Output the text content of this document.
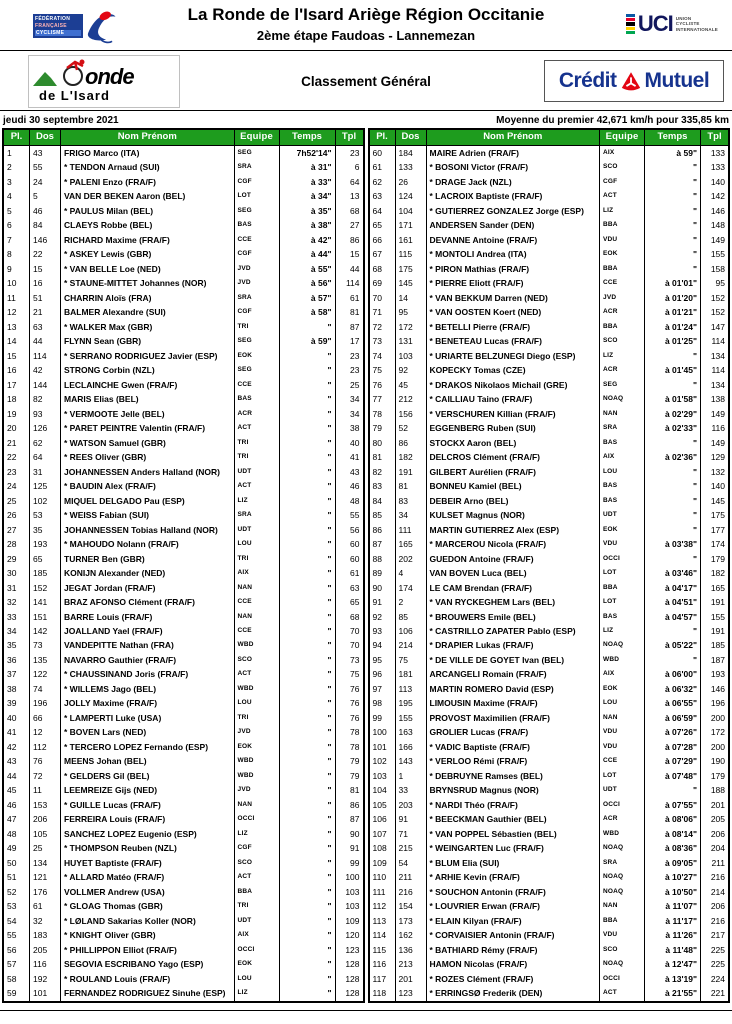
FÉDÉRATION
FRANÇAISE
CYCLISME
La Ronde de l'Isard Ariège Région Occitanie
2ème étape Faudoas - Lannemezan	UCI UNION
CYCLISTE
INTERNATIONALE
onde
de L'Isard
Classement Général	Crédit Mutuel
jeudi 30 septembre 2021	Moyenne du premier 42,671 km/h pour 335,85 km
Pl.	Dos	Nom Prénom	Equipe	Temps	Tpl
1	43	FRIGO Marco (ITA)	SEG	7h52'14"	23
2	55	* TENDON Arnaud (SUI)	SRA	à 31"	6
3	24	* PALENI Enzo (FRA/F)	CGF	à 33"	64
4	5	VAN DER BEKEN Aaron (BEL)	LOT	à 34"	13
5	46	* PAULUS Milan (BEL)	SEG	à 35"	68
6	84	CLAEYS Robbe (BEL)	BAS	à 38"	27
7	146	RICHARD Maxime (FRA/F)	CCE	à 42"	86
8	22	* ASKEY Lewis (GBR)	CGF	à 44"	15
9	15	* VAN BELLE Loe (NED)	JVD	à 55"	44
10	16	* STAUNE-MITTET Johannes (NOR)	JVD	à 56"	114
11	51	CHARRIN Aloïs (FRA)	SRA	à 57"	61
12	21	BALMER Alexandre (SUI)	CGF	à 58"	81
13	63	* WALKER Max (GBR)	TRI	"	87
14	44	FLYNN Sean (GBR)	SEG	à 59"	17
15	114	* SERRANO RODRIGUEZ Javier (ESP)	EOK	"	23
16	42	STRONG Corbin (NZL)	SEG	"	23
17	144	LECLAINCHE Gwen (FRA/F)	CCE	"	25
18	82	MARIS Elias (BEL)	BAS	"	34
19	93	* VERMOOTE Jelle (BEL)	ACR	"	34
20	126	* PARET PEINTRE Valentin (FRA/F)	ACT	"	38
21	62	* WATSON Samuel (GBR)	TRI	"	40
22	64	* REES Oliver (GBR)	TRI	"	41
23	31	JOHANNESSEN Anders Halland (NOR)	UDT	"	43
24	125	* BAUDIN Alex (FRA/F)	ACT	"	46
25	102	MIQUEL DELGADO Pau (ESP)	LIZ	"	48
26	53	* WEISS Fabian (SUI)	SRA	"	55
27	35	JOHANNESSEN Tobias Halland (NOR)	UDT	"	56
28	193	* MAHOUDO Nolann (FRA/F)	LOU	"	60
29	65	TURNER Ben (GBR)	TRI	"	60
30	185	KONIJN Alexander (NED)	AIX	"	61
31	152	JEGAT Jordan (FRA/F)	NAN	"	63
32	141	BRAZ AFONSO Clément (FRA/F)	CCE	"	65
33	151	BARRE Louis (FRA/F)	NAN	"	68
34	142	JOALLAND Yael (FRA/F)	CCE	"	70
35	73	VANDEPITTE Nathan (FRA)	WBD	"	70
36	135	NAVARRO Gauthier (FRA/F)	SCO	"	73
37	122	* CHAUSSINAND Joris (FRA/F)	ACT	"	75
38	74	* WILLEMS Jago (BEL)	WBD	"	76
39	196	JOLLY Maxime (FRA/F)	LOU	"	76
40	66	* LAMPERTI Luke (USA)	TRI	"	76
41	12	* BOVEN Lars (NED)	JVD	"	78
42	112	* TERCERO LOPEZ Fernando (ESP)	EOK	"	78
43	76	MEENS Johan (BEL)	WBD	"	79
44	72	* GELDERS Gil (BEL)	WBD	"	79
45	11	LEEMREIZE Gijs (NED)	JVD	"	81
46	153	* GUILLE Lucas (FRA/F)	NAN	"	86
47	206	FERREIRA Louis (FRA/F)	OCCI	"	87
48	105	SANCHEZ LOPEZ Eugenio (ESP)	LIZ	"	90
49	25	* THOMPSON Reuben (NZL)	CGF	"	91
50	134	HUYET Baptiste (FRA/F)	SCO	"	99
51	121	* ALLARD Matéo (FRA/F)	ACT	"	100
52	176	VOLLMER Andrew (USA)	BBA	"	103
53	61	* GLOAG Thomas (GBR)	TRI	"	103
54	32	* LØLAND Sakarias Koller (NOR)	UDT	"	109
55	183	* KNIGHT Oliver (GBR)	AIX	"	120
56	205	* PHILLIPPON Elliot (FRA/F)	OCCI	"	123
57	116	SEGOVIA ESCRIBANO Yago (ESP)	EOK	"	128
58	192	* ROULAND Louis (FRA/F)	LOU	"	128
59	101	FERNANDEZ RODRIGUEZ Sinuhe (ESP)	LIZ	"	128
Pl.	Dos	Nom Prénom	Equipe	Temps	Tpl
60	184	MAIRE Adrien (FRA/F)	AIX	à 59"	133
61	133	* BOSONI Victor (FRA/F)	SCO	"	133
62	26	* DRAGE Jack (NZL)	CGF	"	140
63	124	* LACROIX Baptiste (FRA/F)	ACT	"	142
64	104	* GUTIERREZ GONZALEZ Jorge (ESP)	LIZ	"	146
65	171	ANDERSEN Sander (DEN)	BBA	"	148
66	161	DEVANNE Antoine (FRA/F)	VDU	"	149
67	115	* MONTOLI Andrea (ITA)	EOK	"	155
68	175	* PIRON Mathias (FRA/F)	BBA	"	158
69	145	* PIERRE Eliott (FRA/F)	CCE	à 01'01"	95
70	14	* VAN BEKKUM Darren (NED)	JVD	à 01'20"	152
71	95	* VAN OOSTEN Koert (NED)	ACR	à 01'21"	152
72	172	* BETELLI Pierre (FRA/F)	BBA	à 01'24"	147
73	131	* BENETEAU Lucas (FRA/F)	SCO	à 01'25"	114
74	103	* URIARTE BELZUNEGI Diego (ESP)	LIZ	"	134
75	92	KOPECKY Tomas (CZE)	ACR	à 01'45"	114
76	45	* DRAKOS Nikolaos Michail (GRE)	SEG	"	134
77	212	* CAILLIAU Taino (FRA/F)	NOAQ	à 01'58"	138
78	156	* VERSCHUREN Killian (FRA/F)	NAN	à 02'29"	149
79	52	EGGENBERG Ruben (SUI)	SRA	à 02'33"	116
80	86	STOCKX Aaron (BEL)	BAS	"	149
81	182	DELCROS Clément (FRA/F)	AIX	à 02'36"	129
82	191	GILBERT Aurélien (FRA/F)	LOU	"	132
83	81	BONNEU Kamiel (BEL)	BAS	"	140
84	83	DEBEIR Arno (BEL)	BAS	"	145
85	34	KULSET Magnus (NOR)	UDT	"	175
86	111	MARTIN GUTIERREZ Alex (ESP)	EOK	"	177
87	165	* MARCEROU Nicola (FRA/F)	VDU	à 03'38"	174
88	202	GUEDON Antoine (FRA/F)	OCCI	"	179
89	4	VAN BOVEN Luca (BEL)	LOT	à 03'46"	182
90	174	LE CAM Brendan (FRA/F)	BBA	à 04'17"	165
91	2	* VAN RYCKEGHEM Lars (BEL)	LOT	à 04'51"	191
92	85	* BROUWERS Emile (BEL)	BAS	à 04'57"	155
93	106	* CASTRILLO ZAPATER Pablo (ESP)	LIZ	"	191
94	214	* DRAPIER Lukas (FRA/F)	NOAQ	à 05'22"	185
95	75	* DE VILLE DE GOYET Ivan (BEL)	WBD	"	187
96	181	ARCANGELI Romain (FRA/F)	AIX	à 06'00"	193
97	113	MARTIN ROMERO David (ESP)	EOK	à 06'32"	146
98	195	LIMOUSIN Maxime (FRA/F)	LOU	à 06'55"	196
99	155	PROVOST Maximilien (FRA/F)	NAN	à 06'59"	200
100	163	GROLIER Lucas (FRA/F)	VDU	à 07'26"	172
101	166	* VADIC Baptiste (FRA/F)	VDU	à 07'28"	200
102	143	* VERLOO Rémi (FRA/F)	CCE	à 07'29"	190
103	1	* DEBRUYNE Ramses (BEL)	LOT	à 07'48"	179
104	33	BRYNSRUD Magnus (NOR)	UDT	"	188
105	203	* NARDI Théo (FRA/F)	OCCI	à 07'55"	201
106	91	* BEECKMAN Gauthier (BEL)	ACR	à 08'06"	205
107	71	* VAN POPPEL Sébastien (BEL)	WBD	à 08'14"	206
108	215	* WEINGARTEN Luc (FRA/F)	NOAQ	à 08'36"	204
109	54	* BLUM Elia (SUI)	SRA	à 09'05"	211
110	211	* ARHIE Kevin (FRA/F)	NOAQ	à 10'27"	216
111	216	* SOUCHON Antonin (FRA/F)	NOAQ	à 10'50"	214
112	154	* LOUVRIER Erwan (FRA/F)	NAN	à 11'07"	206
113	173	* ELAIN Kilyan (FRA/F)	BBA	à 11'17"	216
114	162	* CORVAISIER Antonin (FRA/F)	VDU	à 11'26"	217
115	136	* BATHIARD Rémy (FRA/F)	SCO	à 11'48"	225
116	213	HAMON Nicolas (FRA/F)	NOAQ	à 12'47"	225
117	201	* ROZES Clément (FRA/F)	OCCI	à 13'19"	224
118	123	* ERRINGSØ Frederik (DEN)	ACT	à 21'55"	221
